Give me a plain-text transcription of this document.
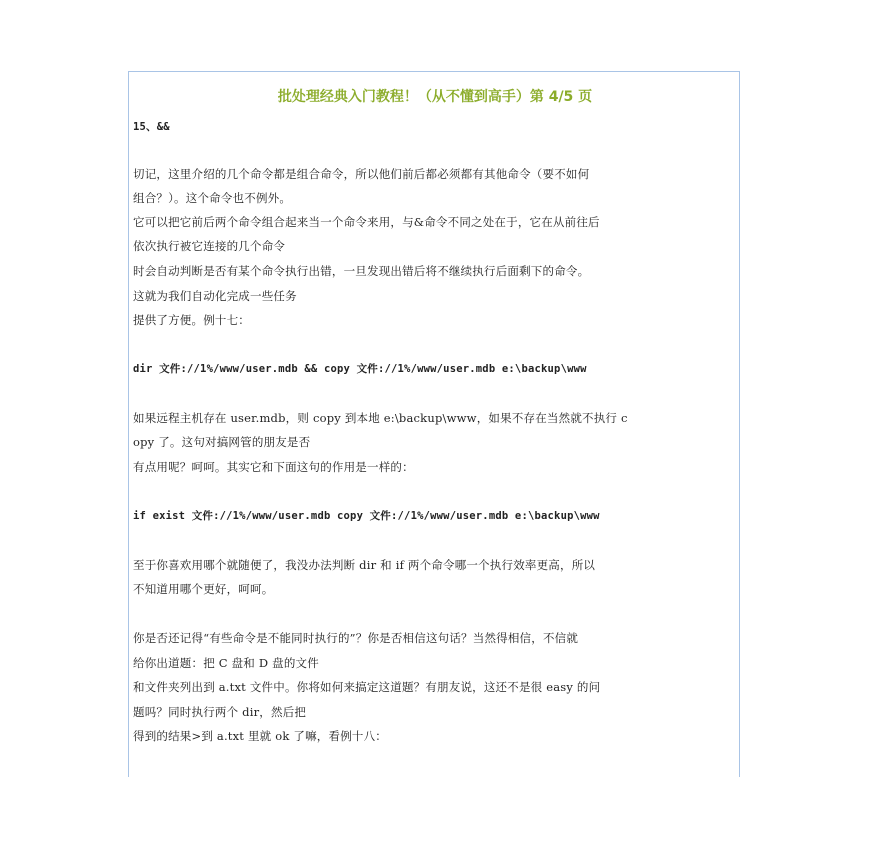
批处理经典入门教程！（从不懂到高手）第 4/5 页
15、&&
切记，这里介绍的几个命令都是组合命令，所以他们前后都必须都有其他命令（要不如何
组合？）。这个命令也不例外。
它可以把它前后两个命令组合起来当一个命令来用，与&命令不同之处在于，它在从前往后
依次执行被它连接的几个命令
时会自动判断是否有某个命令执行出错，一旦发现出错后将不继续执行后面剩下的命令。
这就为我们自动化完成一些任务
提供了方便。例十七：
dir 文件://1%/www/user.mdb && copy 文件://1%/www/user.mdb e:\backup\www
如果远程主机存在 user.mdb，则 copy 到本地 e:\backup\www，如果不存在当然就不执行 c
opy 了。这句对搞网管的朋友是否
有点用呢？呵呵。其实它和下面这句的作用是一样的：
if exist 文件://1%/www/user.mdb copy 文件://1%/www/user.mdb e:\backup\www
至于你喜欢用哪个就随便了，我没办法判断 dir 和 if 两个命令哪一个执行效率更高，所以
不知道用哪个更好，呵呵。
你是否还记得“有些命令是不能同时执行的”？你是否相信这句话？当然得相信，不信就
给你出道题：把 C 盘和 D 盘的文件
和文件夹列出到 a.txt 文件中。你将如何来搞定这道题？有朋友说，这还不是很 easy 的问
题吗？同时执行两个 dir，然后把
得到的结果>到 a.txt 里就 ok 了嘛，看例十八：
